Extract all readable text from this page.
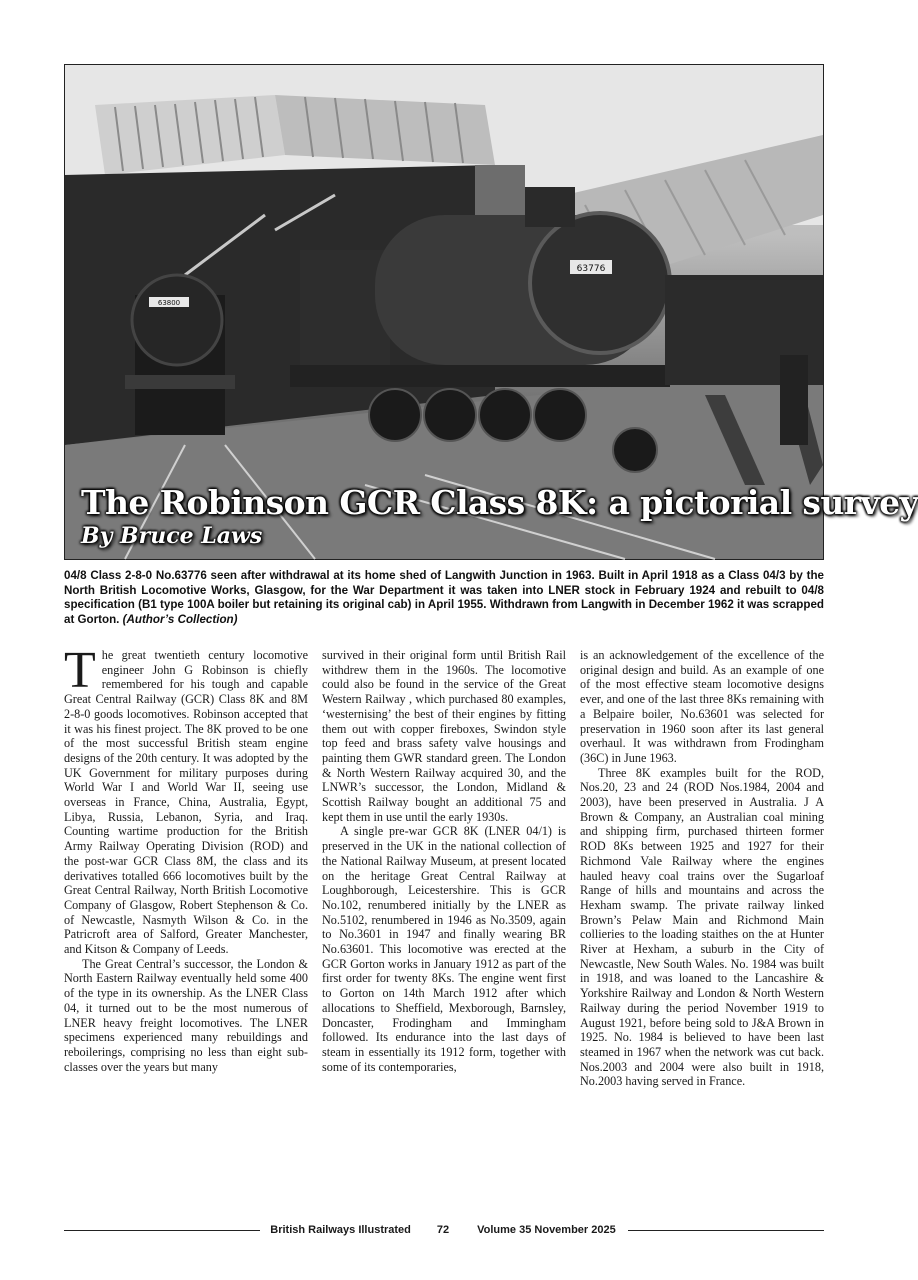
63800
63776
The Robinson GCR Class 8K: a pictorial survey
By Bruce Laws
04/8 Class 2-8-0 No.63776 seen after withdrawal at its home shed of Langwith Junction in 1963. Built in April 1918 as a Class 04/3 by the North British Locomotive Works, Glasgow, for the War Department it was taken into LNER stock in February 1924 and rebuilt to 04/8 specification (B1 type 100A boiler but retaining its original cab) in April 1955. Withdrawn from Langwith in December 1962 it was scrapped at Gorton. (Author’s Collection)

The great twentieth century locomotive engineer John G Robinson is chiefly remembered for his tough and capable Great Central Railway (GCR) Class 8K and 8M 2-8-0 goods locomotives. Robinson accepted that it was his finest project. The 8K proved to be one of the most successful British steam engine designs of the 20th century. It was adopted by the UK Government for military purposes during World War I and World War II, seeing use overseas in France, China, Australia, Egypt, Libya, Russia, Lebanon, Syria, and Iraq. Counting wartime production for the British Army Railway Operating Division (ROD) and the post-war GCR Class 8M, the class and its derivatives totalled 666 locomotives built by the Great Central Railway, North British Locomotive Company of Glasgow, Robert Stephenson & Co. of Newcastle, Nasmyth Wilson & Co. in the Patricroft area of Salford, Greater Manchester, and Kitson & Company of Leeds.

The Great Central’s successor, the London & North Eastern Railway eventually held some 400 of the type in its ownership. As the LNER Class 04, it turned out to be the most numerous of LNER heavy freight locomotives. The LNER specimens experienced many rebuildings and reboilerings, comprising no less than eight sub-classes over the years but many

survived in their original form until British Rail withdrew them in the 1960s. The locomotive could also be found in the service of the Great Western Railway , which purchased 80 examples, ‘westernising’ the best of their engines by fitting them out with copper fireboxes, Swindon style top feed and brass safety valve housings and painting them GWR standard green. The London & North Western Railway acquired 30, and the LNWR’s successor, the London, Midland & Scottish Railway bought an additional 75 and kept them in use until the early 1930s.

A single pre-war GCR 8K (LNER 04/1) is preserved in the UK in the national collection of the National Railway Museum, at present located on the heritage Great Central Railway at Loughborough, Leicestershire. This is GCR No.102, renumbered initially by the LNER as No.5102, renumbered in 1946 as No.3509, again to No.3601 in 1947 and finally wearing BR No.63601. This locomotive was erected at the GCR Gorton works in January 1912 as part of the first order for twenty 8Ks. The engine went first to Gorton on 14th March 1912 after which allocations to Sheffield, Mexborough, Barnsley, Doncaster, Frodingham and Immingham followed. Its endurance into the last days of steam in essentially its 1912 form, together with some of its contemporaries,

is an acknowledgement of the excellence of the original design and build. As an example of one of the most effective steam locomotive designs ever, and one of the last three 8Ks remaining with a Belpaire boiler, No.63601 was selected for preservation in 1960 soon after its last general overhaul. It was withdrawn from Frodingham (36C) in June 1963.

Three 8K examples built for the ROD, Nos.20, 23 and 24 (ROD Nos.1984, 2004 and 2003), have been preserved in Australia. J A Brown & Company, an Australian coal mining and shipping firm, purchased thirteen former ROD 8Ks between 1925 and 1927 for their Richmond Vale Railway where the engines hauled heavy coal trains over the Sugarloaf Range of hills and mountains and across the Hexham swamp. The private railway linked Brown’s Pelaw Main and Richmond Main collieries to the loading staithes on the at Hunter River at Hexham, a suburb in the City of Newcastle, New South Wales. No. 1984 was built in 1918, and was loaned to the Lancashire & Yorkshire Railway and London & North Western Railway during the period November 1919 to August 1921, before being sold to J&A Brown in 1925. No. 1984 is believed to have been last steamed in 1967 when the network was cut back. Nos.2003 and 2004 were also built in 1918, No.2003 having served in France.

British Railways Illustrated 72	Volume 35 November 2025
